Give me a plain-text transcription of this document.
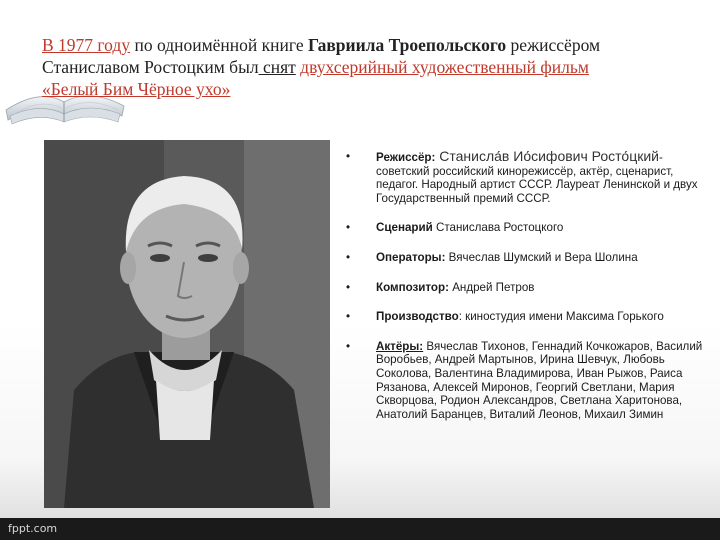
В 1977 году по одноимённой книге Гавриила Троепольского режиссёром Станиславом Ростоцким был снят двухсерийный художественный фильм «Белый Бим Чёрное ухо»
• Режиссёр: Станисла́в Ио́сифович Росто́цкий- советский российский кинорежиссёр, актёр, сценарист, педагог. Народный артист СССР. Лауреат Ленинской и двух Государственный премий СССР.
• Сценарий Станислава Ростоцкого
• Операторы: Вячеслав Шумский и Вера Шолина
• Композитор: Андрей Петров
• Производство: киностудия имени Максима Горького
• Актёры: Вячеслав Тихонов, Геннадий Кочкожаров, Василий Воробьев, Андрей Мартынов, Ирина Шевчук, Любовь Соколова, Валентина Владимирова, Иван Рыжов, Раиса Рязанова, Алексей Миронов, Георгий Светлани, Мария Скворцова, Родион Александров, Светлана Харитонова, Анатолий Баранцев, Виталий Леонов, Михаил Зимин
fppt.com
